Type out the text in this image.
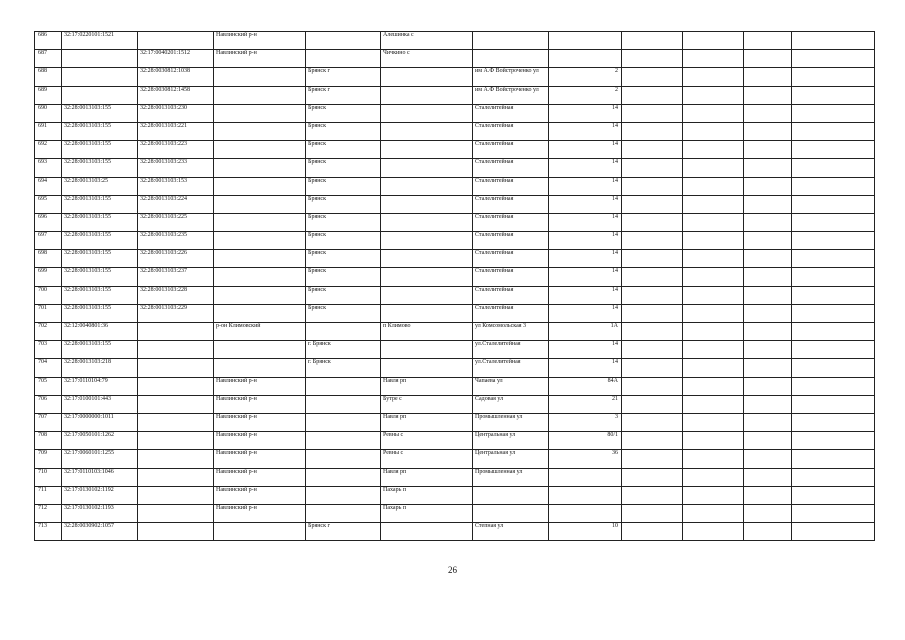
686	32:17:0220101:1521		Навлинский р-н		Алешинка с						
687		32:17:0040201:1512	Навлинский р-н		Чичкино с						
688		32:28:0030812:1038		Брянск г		им А.Ф Войстроченко ул	2				
689		32:28:0030812:1458		Брянск г		им А.Ф Войстроченко ул	2				
690	32:28:0013103:155	32:28:0013103:230		Брянск		Сталелитейная	14				
691	32:28:0013103:155	32:28:0013103:221		Брянск		Сталелитейная	14				
692	32:28:0013103:155	32:28:0013103:223		Брянск		Сталелитейная	14				
693	32:28:0013103:155	32:28:0013103:233		Брянск		Сталелитейная	14				
694	32:28:0013103:25	32:28:0013103:153		Брянск		Сталелитейная	14				
695	32:28:0013103:155	32:28:0013103:224		Брянск		Сталелитейная	14				
696	32:28:0013103:155	32:28:0013103:225		Брянск		Сталелитейная	14				
697	32:28:0013103:155	32:28:0013103:235		Брянск		Сталелитейная	14				
698	32:28:0013103:155	32:28:0013103:226		Брянск		Сталелитейная	14				
699	32:28:0013103:155	32:28:0013103:237		Брянск		Сталелитейная	14				
700	32:28:0013103:155	32:28:0013103:228		Брянск		Сталелитейная	14				
701	32:28:0013103:155	32:28:0013103:229		Брянск		Сталелитейная	14				
702	32:12:0040801:36		р-он Климовский		п Климово	ул Комсомольская 3	1А				
703	32:28:0013103:155			г. Брянск		ул.Сталелитейная	14				
704	32:28:0013103:218			г. Брянск		ул.Сталелитейная	14				
705	32:17:0110104:79		Навлинский р-н		Навля рп	Чапаева ул	84А				
706	32:17:0100101:443		Навлинский р-н		Бутре с	Садовая ул	21				
707	32:17:0000000:1011		Навлинский р-н		Навля рп	Промышленная ул	3				
708	32:17:0050101:1262		Навлинский р-н		Ревны с	Центральная ул	80/1				
709	32:17:0060101:1255		Навлинский р-н		Ревны с	Центральная ул	36				
710	32:17:0110103:1046		Навлинский р-н		Навля рп	Промышленная ул					
711	32:17:0130102:1192		Навлинский р-н		Пахарь п						
712	32:17:0130102:1193		Навлинский р-н		Пахарь п						
713	32:28:0030902:1057			Брянск г		Степная ул	10				
26
